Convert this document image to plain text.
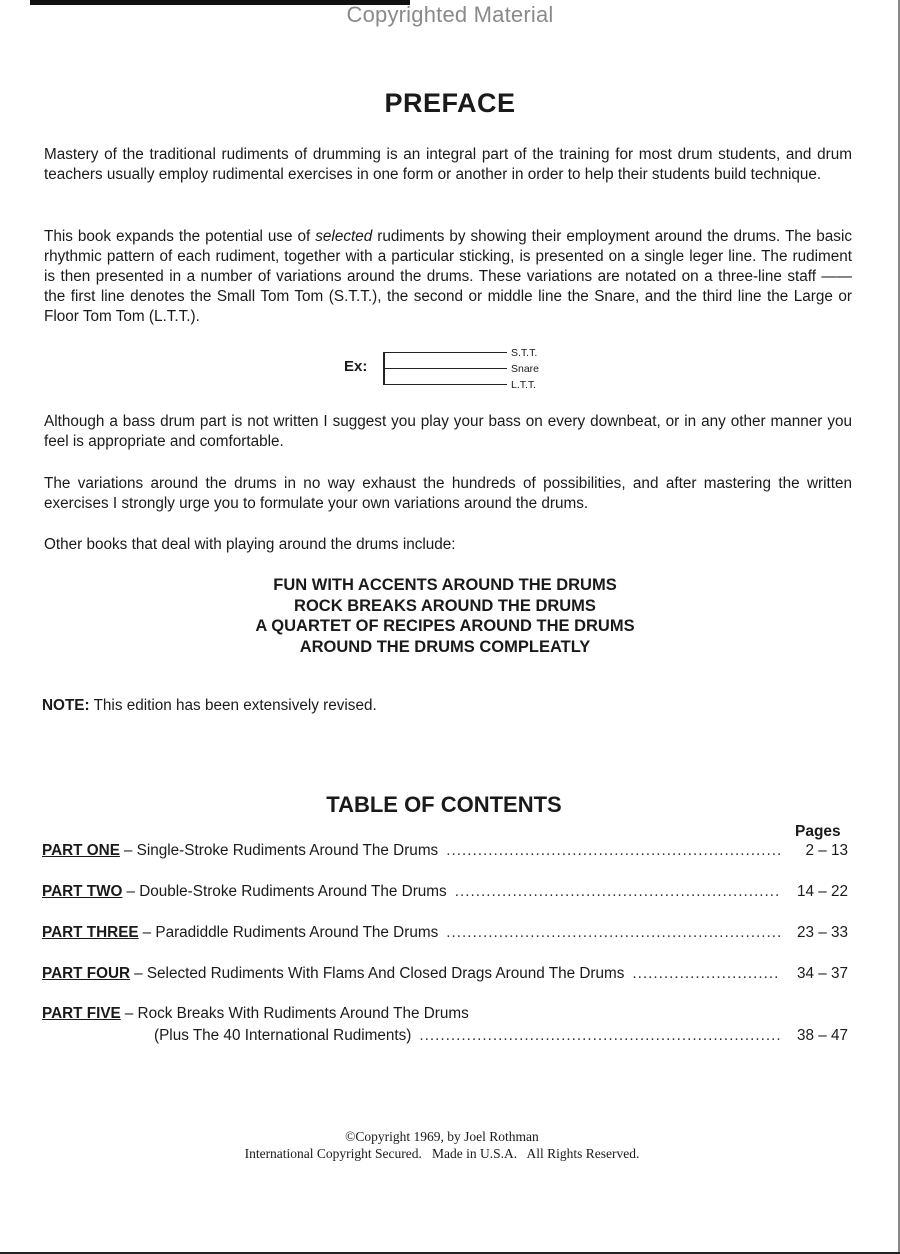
Copyrighted Material
PREFACE

Mastery of the traditional rudiments of drumming is an integral part of the training for most drum students, and drum teachers usually employ rudimental exercises in one form or another in order to help their students build technique.

This book expands the potential use of selected rudiments by showing their employment around the drums. The basic rhythmic pattern of each rudiment, together with a particular sticking, is presented on a single leger line. The rudiment is then presented in a number of variations around the drums. These variations are notated on a three-line staff —— the first line denotes the Small Tom Tom (S.T.T.), the second or middle line the Snare, and the third line the Large or Floor Tom Tom (L.T.T.).

Ex:
S.T.T.
Snare
L.T.T.

Although a bass drum part is not written I suggest you play your bass on every downbeat, or in any other manner you feel is appropriate and comfortable.

The variations around the drums in no way exhaust the hundreds of possibilities, and after mastering the written exercises I strongly urge you to formulate your own variations around the drums.

Other books that deal with playing around the drums include:

FUN WITH ACCENTS AROUND THE DRUMS
ROCK BREAKS AROUND THE DRUMS
A QUARTET OF RECIPES AROUND THE DRUMS
AROUND THE DRUMS COMPLEATLY
NOTE: This edition has been extensively revised.
TABLE OF CONTENTS
Pages
PART ONE – Single-Stroke Rudiments Around The Drums .....	2 – 13
PART TWO – Double-Stroke Rudiments Around The Drums .....	14 – 22
PART THREE – Paradiddle Rudiments Around The Drums .....	23 – 33
PART FOUR – Selected Rudiments With Flams And Closed Drags Around The Drums .....	34 – 37
PART FIVE – Rock Breaks With Rudiments Around The Drums
(Plus The 40 International Rudiments) .....	38 – 47
©Copyright 1969, by Joel Rothman
International Copyright Secured.   Made in U.S.A.   All Rights Reserved.
